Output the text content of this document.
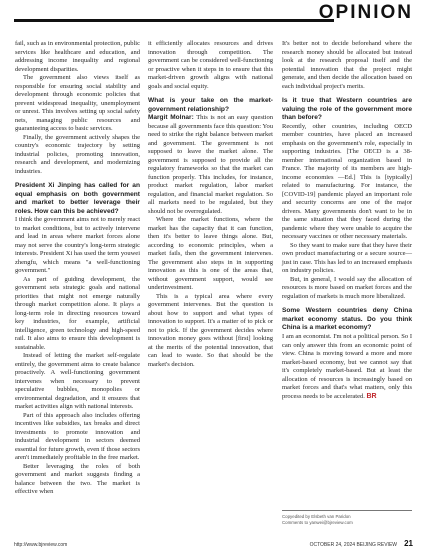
OPINION

fail, such as in environmental protection, public services like healthcare and education, and addressing income inequality and regional development disparities.

The government also views itself as responsible for ensuring social stability and development through economic policies that prevent widespread inequality, unemployment or unrest. This involves setting up social safety nets, managing public resources and guaranteeing access to basic services.

Finally, the government actively shapes the country's economic trajectory by setting industrial policies, promoting innovation, research and development, and modernizing industries.

President Xi Jinping has called for an equal emphasis on both government and market to better leverage their roles. How can this be achieved?

I think the government aims not to merely react to market conditions, but to actively intervene and lead in areas where market forces alone may not serve the country's long-term strategic interests. President Xi has used the term youwei zhengfu, which means "a well-functioning government."

As part of guiding development, the government sets strategic goals and national priorities that might not emerge naturally through market competition alone. It plays a long-term role in directing resources toward key industries, for example, artificial intelligence, green technology and high-speed rail. It also aims to ensure this development is sustainable.

Instead of letting the market self-regulate entirely, the government aims to create balance proactively. A well-functioning government intervenes when necessary to prevent speculative bubbles, monopolies or environmental degradation, and it ensures that market activities align with national interests.

Part of this approach also includes offering incentives like subsidies, tax breaks and direct investments to promote innovation and industrial development in sectors deemed essential for future growth, even if those sectors aren't immediately profitable in the free market.

Better leveraging the roles of both government and market suggests finding a balance between the two. The market is effective when

it efficiently allocates resources and drives innovation through competition. The government can be considered well-functioning or proactive when it steps in to ensure that this market-driven growth aligns with national goals and social equity.

What is your take on the market-government relationship?

Margit Molnar: This is not an easy question because all governments face this question: You need to strike the right balance between market and government. The government is not supposed to leave the market alone. The government is supposed to provide all the regulatory frameworks so that the market can function properly. This includes, for instance, product market regulation, labor market regulation, and financial market regulation. So all markets need to be regulated, but they should not be overregulated.

Where the market functions, where the market has the capacity that it can function, then it's better to leave things alone. But, according to economic principles, when a market fails, then the government intervenes. The government also steps in in supporting innovation as this is one of the areas that, without government support, would see underinvestment.

This is a typical area where every government intervenes. But the question is about how to support and what types of innovation to support. It's a matter of to pick or not to pick. If the government decides where innovation money goes without [first] looking at the merits of the potential innovation, that can lead to waste. So that should be the market's decision.

It's better not to decide beforehand where the research money should be allocated but instead look at the research proposal itself and the potential innovation that the project might generate, and then decide the allocation based on each individual project's merits.

Is it true that Western countries are valuing the role of the government more than before?

Recently, other countries, including OECD member countries, have placed an increased emphasis on the government's role, especially in supporting industries. [The OECD is a 38-member international organization based in France. The majority of its members are high-income economies —Ed.] This is [typically] related to manufacturing. For instance, the [COVID-19] pandemic played an important role and security concerns are one of the major drivers. Many governments don't want to be in the same situation that they faced during the pandemic where they were unable to acquire the necessary vaccines or other necessary materials.

So they want to make sure that they have their own product manufacturing or a secure source—just in case. This has led to an increased emphasis on industry policies.

But, in general, I would say the allocation of resources is more based on market forces and the regulation of markets is much more liberalized.

Some Western countries deny China market economy status. Do you think China is a market economy?

I am an economist. I'm not a political person. So I can only answer this from an economic point of view. China is moving toward a more and more market-based economy, but we cannot say that it's completely market-based. But at least the allocation of resources is increasingly based on market forces and that's what matters, only this process needs to be accelerated. BR

Copyedited by Elsbeth van Paridon
Comments to yanwei@bjreview.com
http://www.bjreview.com	OCTOBER 24, 2024 BEIJING REVIEW 21
